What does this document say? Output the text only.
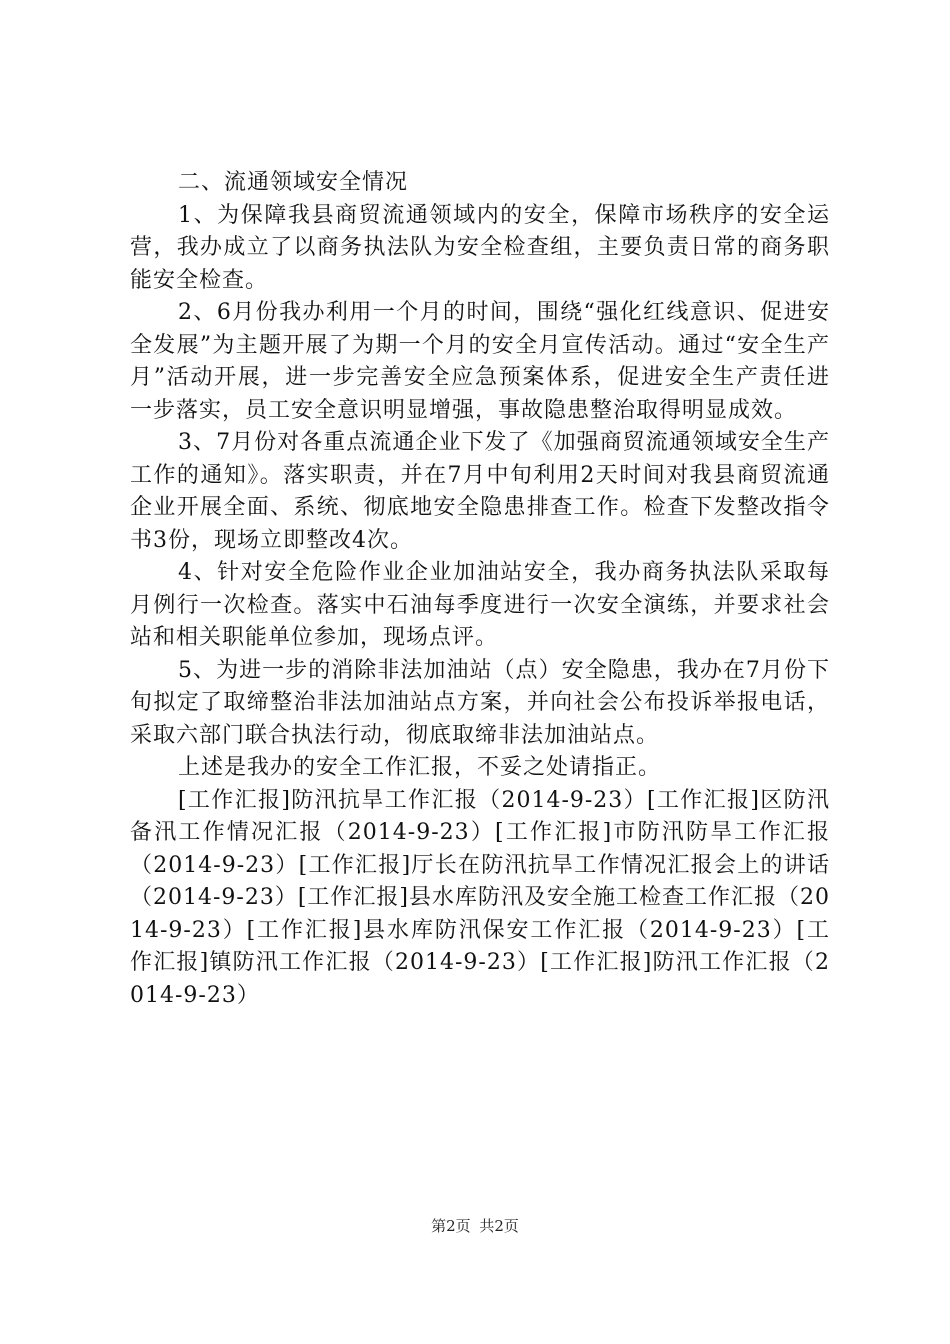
二、流通领域安全情况

1、为保障我县商贸流通领域内的安全，保障市场秩序的安全运营，我办成立了以商务执法队为安全检查组，主要负责日常的商务职能安全检查。

2、6月份我办利用一个月的时间，围绕“强化红线意识、促进安全发展”为主题开展了为期一个月的安全月宣传活动。通过“安全生产月”活动开展，进一步完善安全应急预案体系，促进安全生产责任进一步落实，员工安全意识明显增强，事故隐患整治取得明显成效。

3、7月份对各重点流通企业下发了《加强商贸流通领域安全生产工作的通知》。落实职责，并在7月中旬利用2天时间对我县商贸流通企业开展全面、系统、彻底地安全隐患排查工作。检查下发整改指令书3份，现场立即整改4次。

4、针对安全危险作业企业加油站安全，我办商务执法队采取每月例行一次检查。落实中石油每季度进行一次安全演练，并要求社会站和相关职能单位参加，现场点评。

5、为进一步的消除非法加油站（点）安全隐患，我办在7月份下旬拟定了取缔整治非法加油站点方案，并向社会公布投诉举报电话，采取六部门联合执法行动，彻底取缔非法加油站点。

上述是我办的安全工作汇报，不妥之处请指正。

[工作汇报]防汛抗旱工作汇报（2014-9-23）[工作汇报]区防汛备汛工作情况汇报（2014-9-23）[工作汇报]市防汛防旱工作汇报（2014-9-23）[工作汇报]厅长在防汛抗旱工作情况汇报会上的讲话（2014-9-23）[工作汇报]县水库防汛及安全施工检查工作汇报（2014-9-23）[工作汇报]县水库防汛保安工作汇报（2014-9-23）[工作汇报]镇防汛工作汇报（2014-9-23）[工作汇报]防汛工作汇报（2014-9-23）

第2页 共2页
